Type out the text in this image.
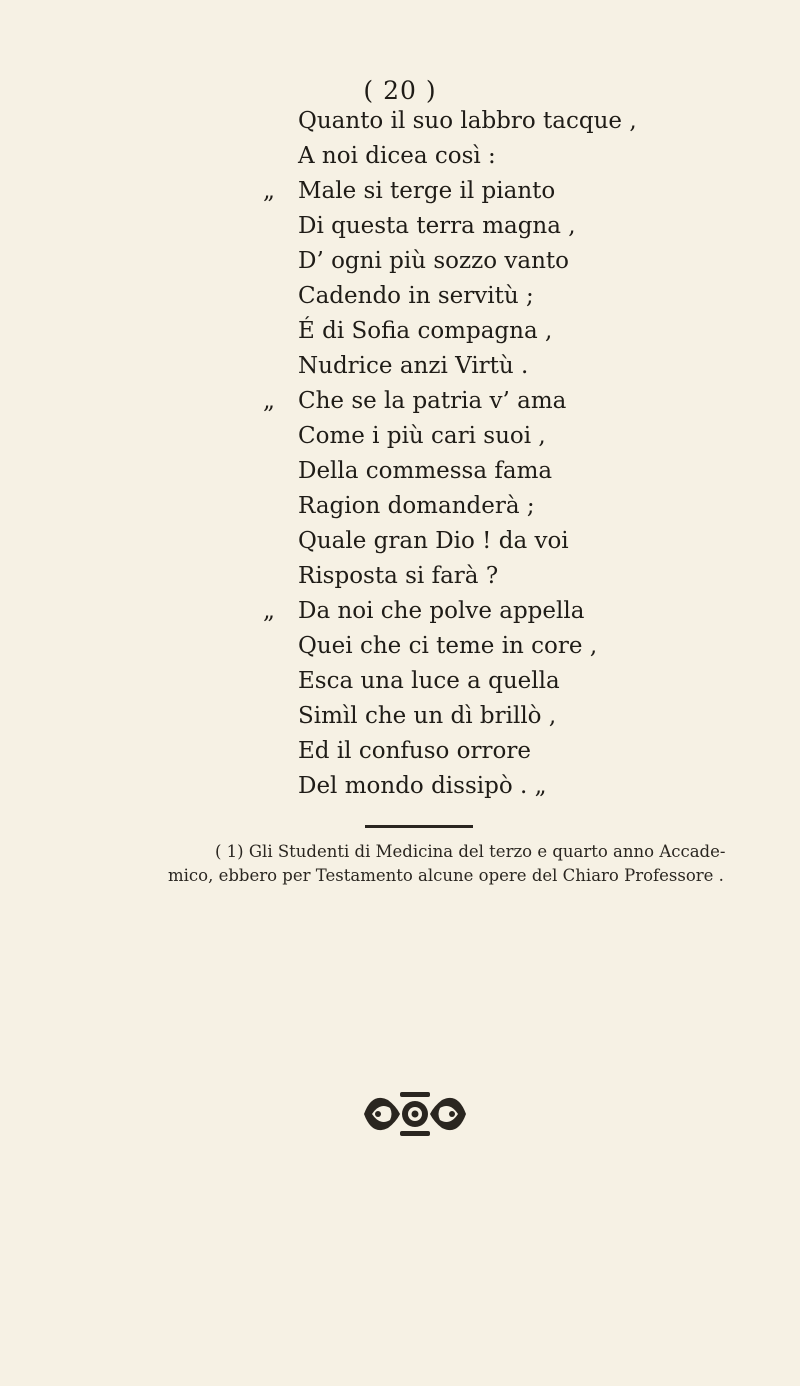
( 20 )
Quanto il suo labbro tacque ,
A noi dicea così :
„ Male si terge il pianto
Di questa terra magna ,
D’ ogni più sozzo vanto
Cadendo in servitù ;
É di Sofia compagna ,
Nudrice anzi Virtù .
„ Che se la patria v’ ama
Come i più cari suoi ,
Della commessa fama
Ragion domanderà ;
Quale gran Dio ! da voi
Risposta si farà ?
„ Da noi che polve appella
Quei che ci teme in core ,
Esca una luce a quella
Simìl che un dì brillò ,
Ed il confuso orrore
Del mondo dissipò . „
( 1) Gli Studenti di Medicina del terzo e quarto anno Accade-
mico, ebbero per Testamento alcune opere del Chiaro Professore .
